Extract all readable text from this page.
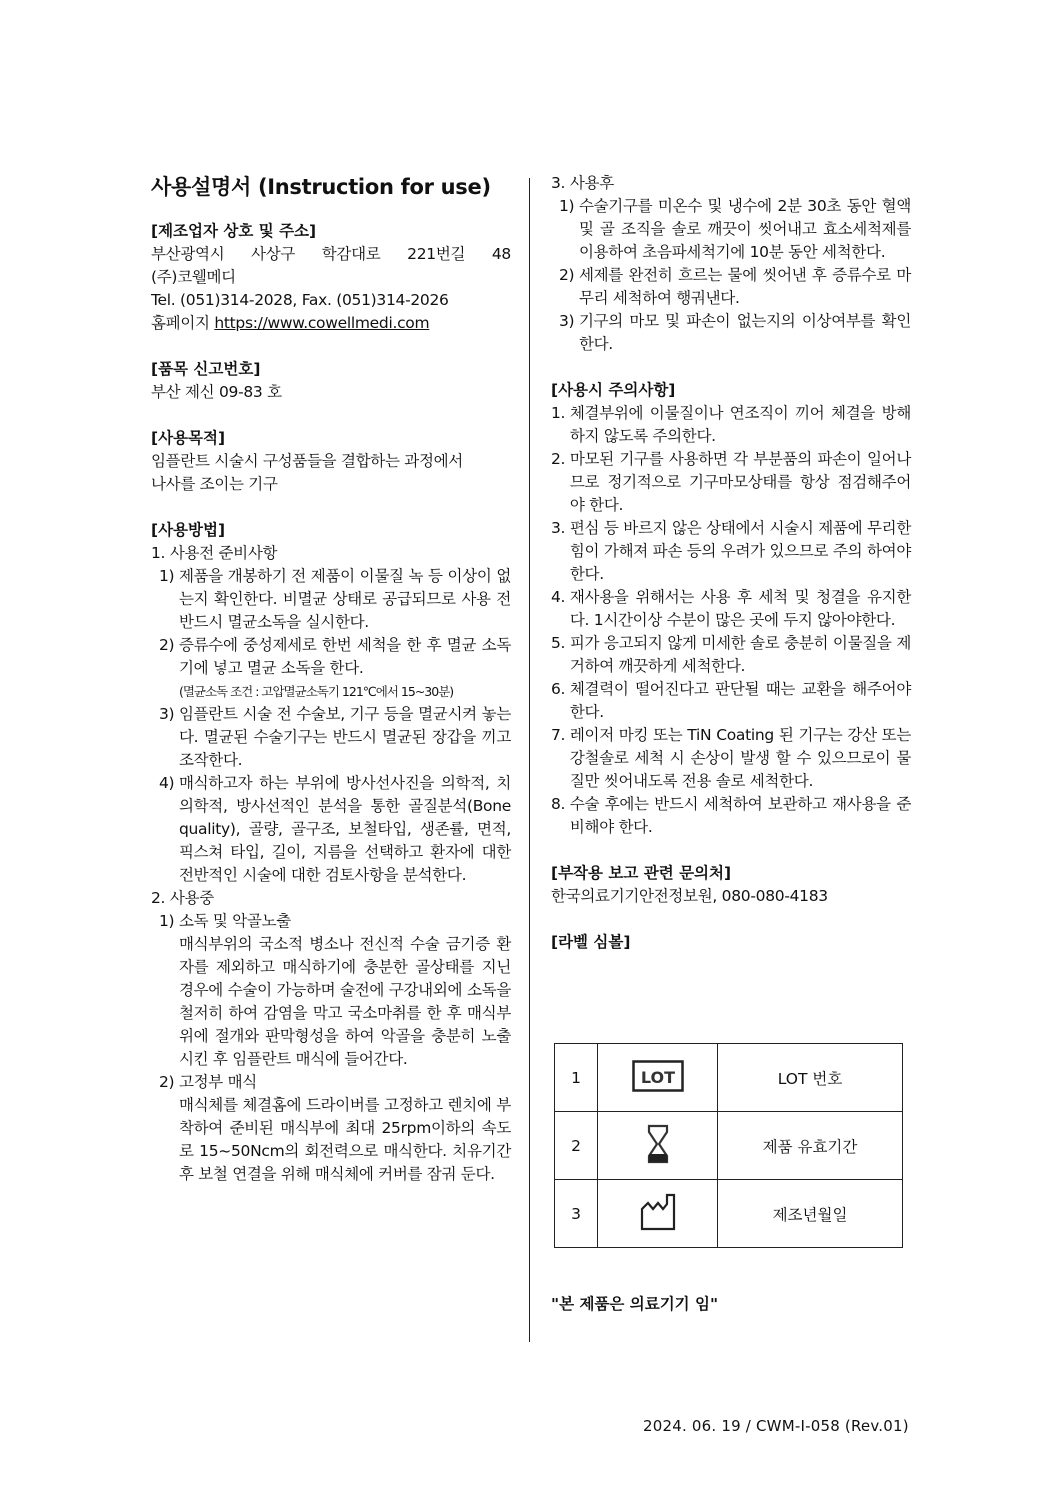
사용설명서 (Instruction for use)

[제조업자 상호 및 주소]

부산광역시 사상구 학감대로 221번길 48

(주)코웰메디

Tel. (051)314-2028, Fax. (051)314-2026

홈페이지 https://www.cowellmedi.com

[품목 신고번호]

부산 제신 09-83 호

[사용목적]

임플란트 시술시 구성품들을 결합하는 과정에서

나사를 조이는 기구

[사용방법]

1. 사용전 준비사항

1)
제품을 개봉하기 전 제품이 이물질 녹 등 이상이 없는지 확인한다. 비멸균 상태로 공급되므로 사용 전 반드시 멸균소독을 실시한다.
2)
증류수에 중성제세로 한번 세척을 한 후 멸균 소독기에 넣고 멸균 소독을 한다.
(멸균소독 조건 : 고압멸균소독기 121℃에서 15~30분)
3)
임플란트 시술 전 수술보, 기구 등을 멸균시켜 놓는다. 멸균된 수술기구는 반드시 멸균된 장갑을 끼고 조작한다.
4)
매식하고자 하는 부위에 방사선사진을 의학적, 치의학적, 방사선적인 분석을 통한 골질분석(Bone quality), 골량, 골구조, 보철타입, 생존률, 면적, 픽스쳐 타입, 길이, 지름을 선택하고 환자에 대한 전반적인 시술에 대한 검토사항을 분석한다.

2. 사용중

1)
소독 및 악골노출
매식부위의 국소적 병소나 전신적 수술 금기증 환자를 제외하고 매식하기에 충분한 골상태를 지닌 경우에 수술이 가능하며 술전에 구강내외에 소독을 철저히 하여 감염을 막고 국소마취를 한 후 매식부위에 절개와 판막형성을 하여 악골을 충분히 노출시킨 후 임플란트 매식에 들어간다.
2)
고정부 매식
매식체를 체결홈에 드라이버를 고정하고 렌치에 부착하여 준비된 매식부에 최대 25rpm이하의 속도로 15~50Ncm의 회전력으로 매식한다. 치유기간 후 보철 연결을 위해 매식체에 커버를 잠궈 둔다.

3. 사용후

1)
수술기구를 미온수 및 냉수에 2분 30초 동안 혈액 및 골 조직을 솔로 깨끗이 씻어내고 효소세척제를 이용하여 초음파세척기에 10분 동안 세척한다.
2)
세제를 완전히 흐르는 물에 씻어낸 후 증류수로 마무리 세척하여 행궈낸다.
3)
기구의 마모 및 파손이 없는지의 이상여부를 확인한다.

[사용시 주의사항]

1.
체결부위에 이물질이나 연조직이 끼어 체결을 방해하지 않도록 주의한다.
2.
마모된 기구를 사용하면 각 부분품의 파손이 일어나므로 정기적으로 기구마모상태를 항상 점검해주어야 한다.
3.
편심 등 바르지 않은 상태에서 시술시 제품에 무리한 힘이 가해져 파손 등의 우려가 있으므로 주의 하여야 한다.
4.
재사용을 위해서는 사용 후 세척 및 청결을 유지한다. 1시간이상 수분이 많은 곳에 두지 않아야한다.
5.
피가 응고되지 않게 미세한 솔로 충분히 이물질을 제거하여 깨끗하게 세척한다.
6.
체결력이 떨어진다고 판단될 때는 교환을 해주어야 한다.
7.
레이저 마킹 또는 TiN Coating 된 기구는 강산 또는 강철솔로 세척 시 손상이 발생 할 수 있으므로이 물질만 씻어내도록 전용 솔로 세척한다.
8.
수술 후에는 반드시 세척하여 보관하고 재사용을 준비해야 한다.

[부작용 보고 관련 문의처]

한국의료기기안전정보원, 080-080-4183

[라벨 심볼]

1	LOT	LOT 번호
2		제품 유효기간
3		제조년월일

"본 제품은 의료기기 임"

2024. 06. 19 / CWM-I-058 (Rev.01)
